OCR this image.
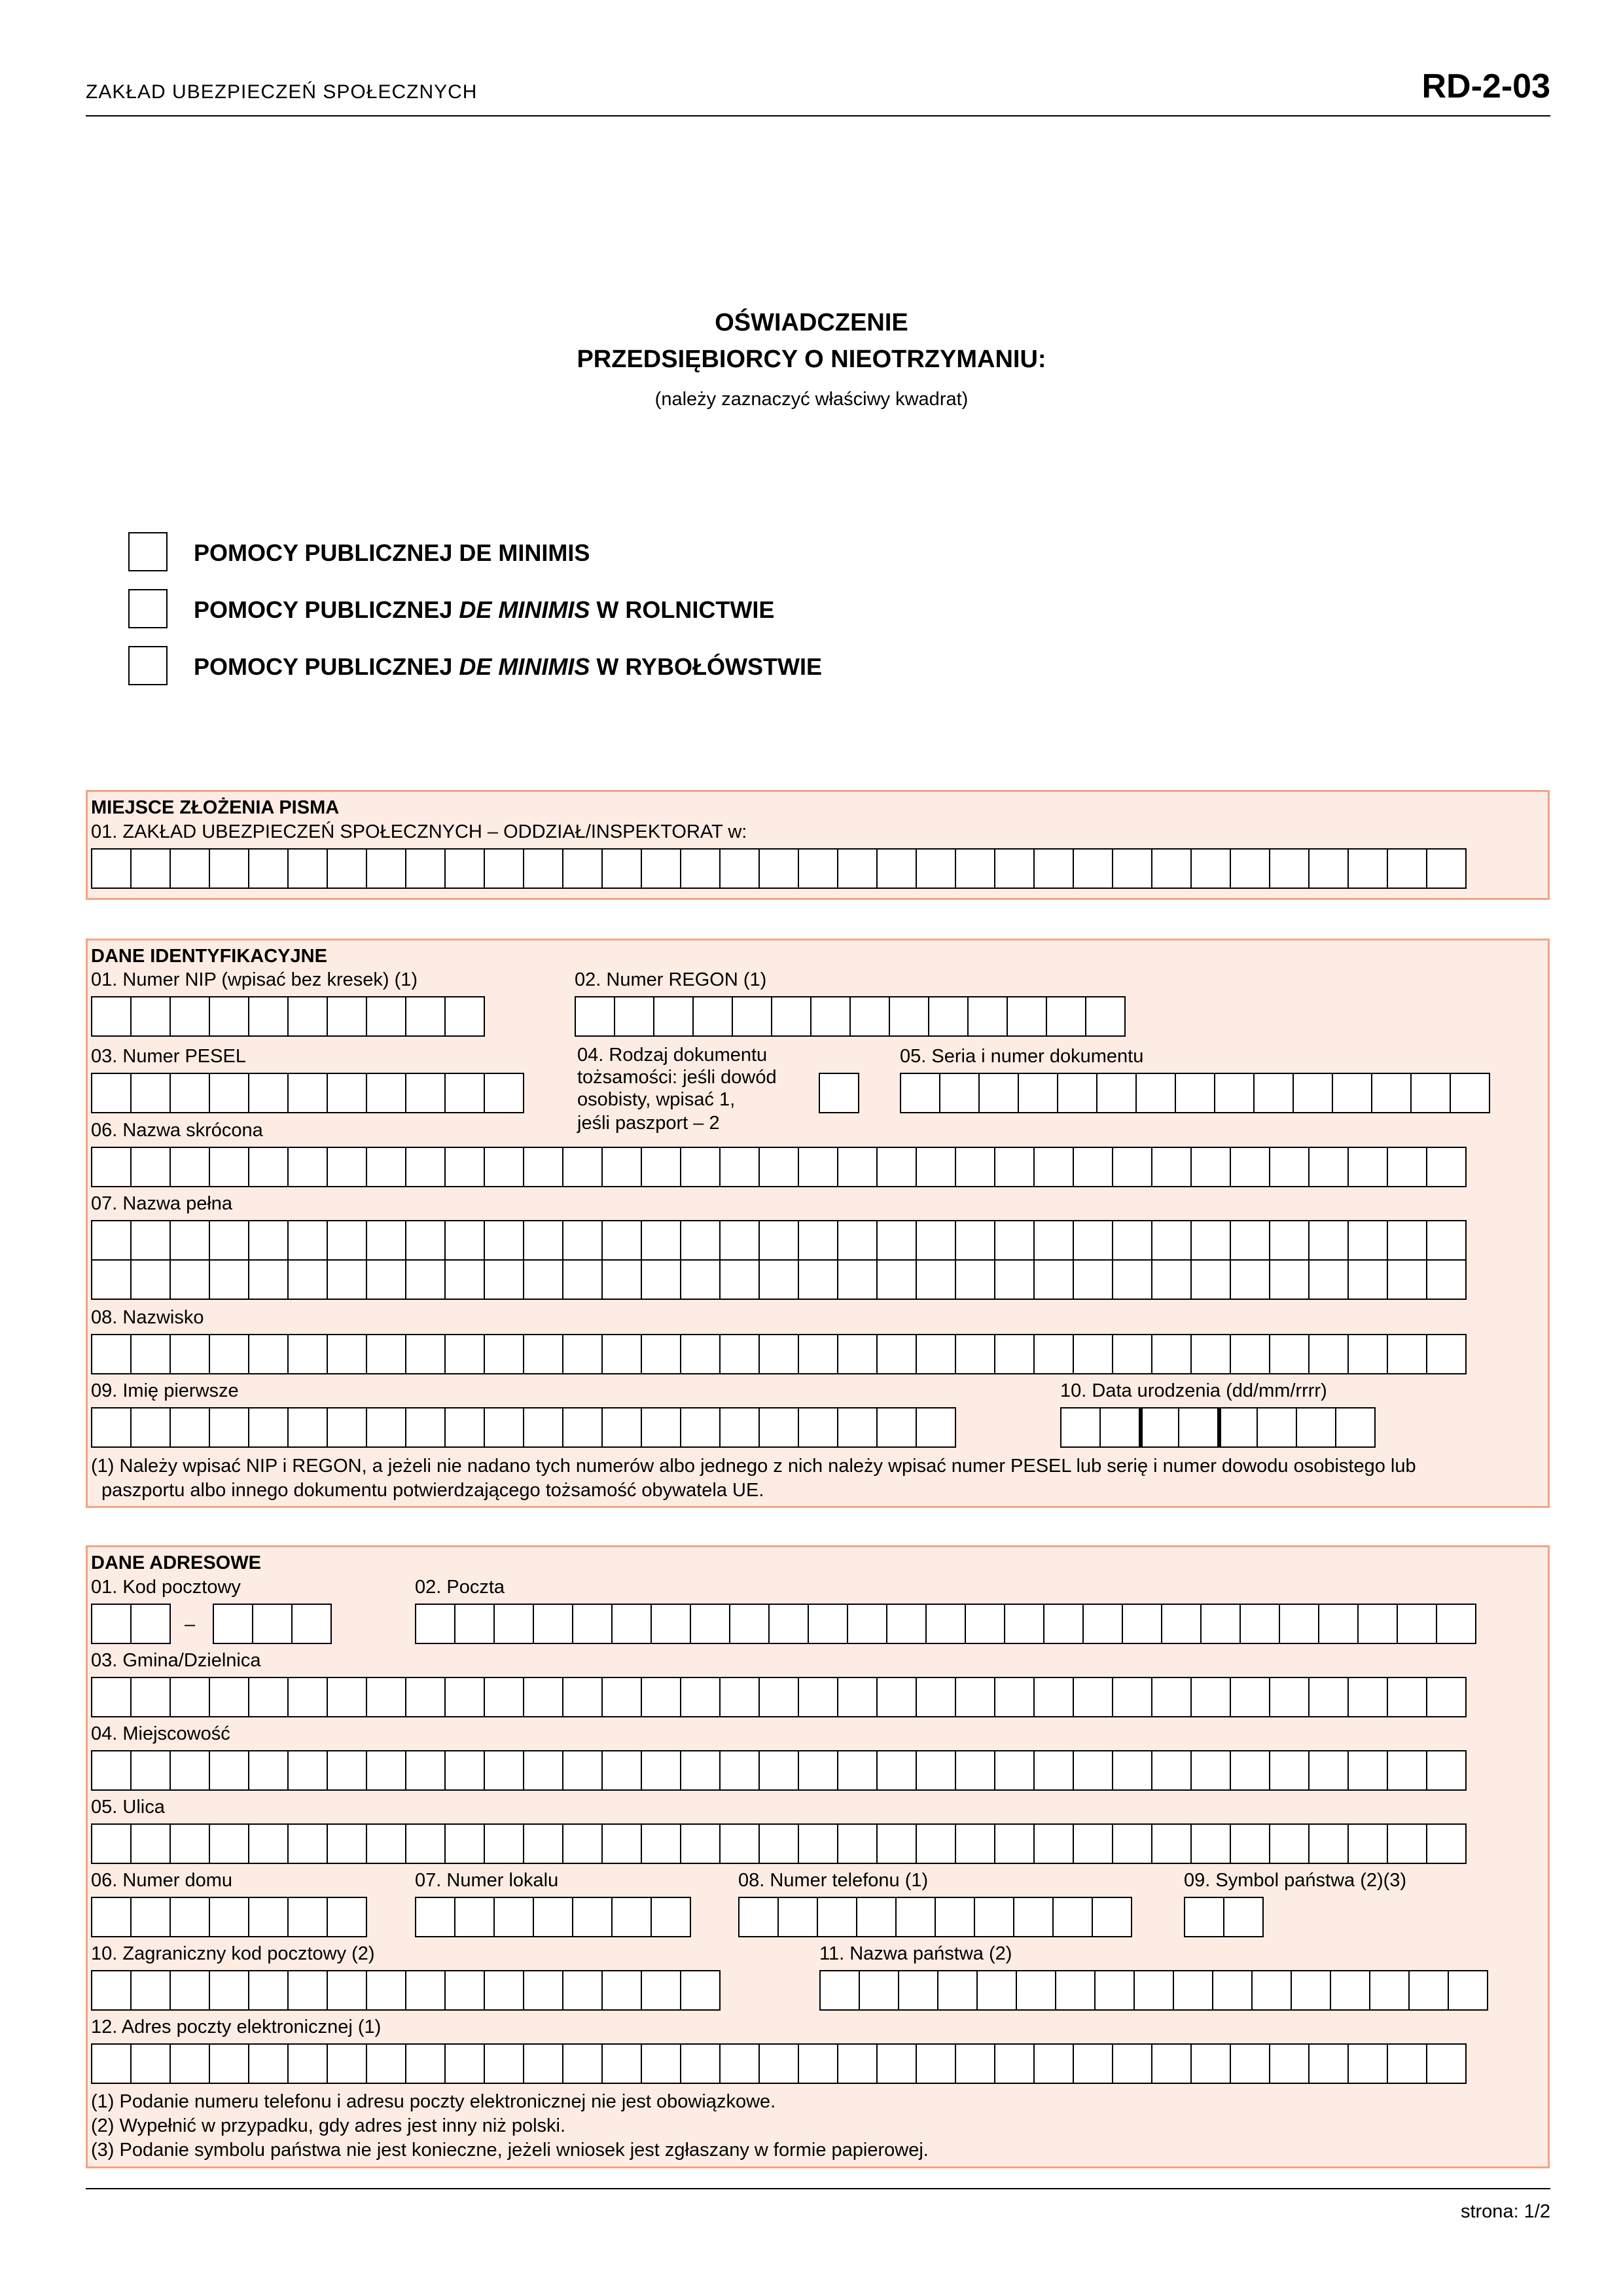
ZAKŁAD UBEZPIECZEŃ SPOŁECZNYCH	RD-2-03
OŚWIADCZENIE
PRZEDSIĘBIORCY O NIEOTRZYMANIU:
(należy zaznaczyć właściwy kwadrat)
POMOCY PUBLICZNEJ DE MINIMIS
POMOCY PUBLICZNEJ DE MINIMIS W ROLNICTWIE
POMOCY PUBLICZNEJ DE MINIMIS W RYBOŁÓWSTWIE
MIEJSCE ZŁOŻENIA PISMA
01. ZAKŁAD UBEZPIECZEŃ SPOŁECZNYCH – ODDZIAŁ/INSPEKTORAT w:
DANE IDENTYFIKACYJNE
01. Numer NIP (wpisać bez kresek) (1)	02. Numer REGON (1)
03. Numer PESEL	04. Rodzaj dokumentu
tożsamości: jeśli dowód
osobisty, wpisać 1,
jeśli paszport – 2
05. Seria i numer dokumentu
06. Nazwa skrócona
07. Nazwa pełna
08. Nazwisko
09. Imię pierwsze	10. Data urodzenia (dd/mm/rrrr)
(1) Należy wpisać NIP i REGON, a jeżeli nie nadano tych numerów albo jednego z nich należy wpisać numer PESEL lub serię i numer dowodu osobistego lub
paszportu albo innego dokumentu potwierdzającego tożsamość obywatela UE.
DANE ADRESOWE
01. Kod pocztowy
–
02. Poczta
03. Gmina/Dzielnica
04. Miejscowość
05. Ulica
06. Numer domu	07. Numer lokalu	08. Numer telefonu (1)	09. Symbol państwa (2)(3)
10. Zagraniczny kod pocztowy (2)	11. Nazwa państwa (2)
12. Adres poczty elektronicznej (1)
(1) Podanie numeru telefonu i adresu poczty elektronicznej nie jest obowiązkowe.
(2) Wypełnić w przypadku, gdy adres jest inny niż polski.
(3) Podanie symbolu państwa nie jest konieczne, jeżeli wniosek jest zgłaszany w formie papierowej.
strona: 1/2
